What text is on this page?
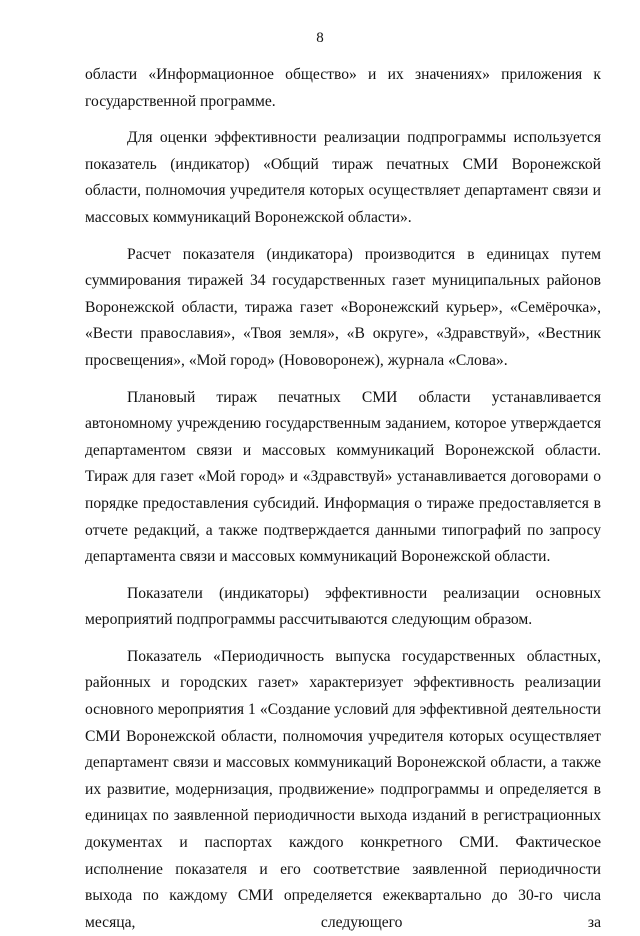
8

области «Информационное общество» и их значениях» приложения к государственной программе.

Для оценки эффективности реализации подпрограммы используется показатель (индикатор) «Общий тираж печатных СМИ Воронежской области, полномочия учредителя которых осуществляет департамент связи и массовых коммуникаций Воронежской области».

Расчет показателя (индикатора) производится в единицах путем суммирования тиражей 34 государственных газет муниципальных районов Воронежской области, тиража газет «Воронежский курьер», «Семёрочка», «Вести православия», «Твоя земля», «В округе», «Здравствуй», «Вестник просвещения», «Мой город» (Нововоронеж), журнала «Слова».

Плановый тираж печатных СМИ области устанавливается автономному учреждению государственным заданием, которое утверждается департаментом связи и массовых коммуникаций Воронежской области. Тираж для газет «Мой город» и «Здравствуй» устанавливается договорами о порядке предоставления субсидий. Информация о тираже предоставляется в отчете редакций, а также подтверждается данными типографий по запросу департамента связи и массовых коммуникаций Воронежской области.

Показатели (индикаторы) эффективности реализации основных мероприятий подпрограммы рассчитываются следующим образом.

Показатель «Периодичность выпуска государственных областных, районных и городских газет» характеризует эффективность реализации основного мероприятия 1 «Создание условий для эффективной деятельности СМИ Воронежской области, полномочия учредителя которых осуществляет департамент связи и массовых коммуникаций Воронежской области, а также их развитие, модернизация, продвижение» подпрограммы и определяется в единицах по заявленной периодичности выхода изданий в регистрационных документах и паспортах каждого конкретного СМИ. Фактическое исполнение показателя и его соответствие заявленной периодичности выхода по каждому СМИ определяется ежеквартально до 30-го числа месяца, следующего за
